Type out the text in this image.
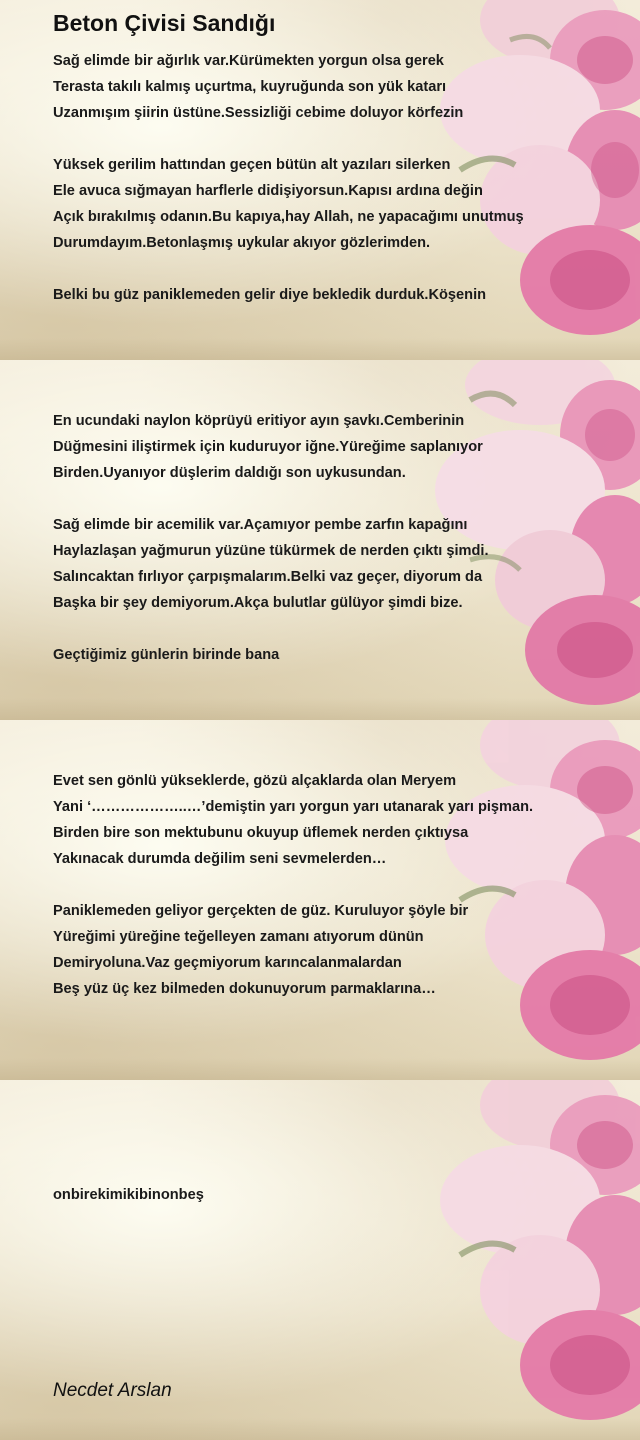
Beton Çivisi Sandığı
Sağ elimde bir ağırlık var.Kürümekten yorgun olsa gerek
Terasta takılı kalmış uçurtma, kuyruğunda son yük katarı
Uzanmışım şiirin üstüne.Sessizliği cebime doluyor körfezin
Yüksek gerilim hattından geçen bütün alt yazıları silerken
Ele avuca sığmayan harflerle didişiyorsun.Kapısı ardına değin
Açık bırakılmış odanın.Bu kapıya,hay Allah, ne yapacağımı unutmuş
Durumdayım.Betonlaşmış uykular akıyor gözlerimden.
Belki bu güz paniklemeden gelir diye bekledik durduk.Köşenin
En ucundaki naylon köprüyü eritiyor ayın şavkı.Cemberinin
Düğmesini iliştirmek için kuduruyor iğne.Yüreğime saplanıyor
Birden.Uyanıyor düşlerim daldığı son uykusundan.
Sağ elimde bir acemilik var.Açamıyor pembe zarfın kapağını
Haylazlaşan yağmurun yüzüne tükürmek de nerden çıktı şimdi.
Salıncaktan fırlıyor çarpışmalarım.Belki vaz geçer, diyorum da
Başka bir şey demiyorum.Akça bulutlar gülüyor şimdi bize.
Geçtiğimiz günlerin birinde bana
Evet sen gönlü yükseklerde, gözü alçaklarda olan Meryem
Yani ‘………………..…’demiştin yarı yorgun yarı utanarak yarı pişman.
Birden bire son mektubunu okuyup üflemek nerden çıktıysa
Yakınacak durumda değilim seni sevmelerden…
Paniklemeden geliyor gerçekten de güz. Kuruluyor şöyle bir
Yüreğimi yüreğine teğelleyen zamanı atıyorum dünün
Demiryoluna.Vaz geçmiyorum karıncalanmalardan
Beş yüz üç kez bilmeden dokunuyorum parmaklarına…
onbirekimikibinonbeş
Necdet Arslan
